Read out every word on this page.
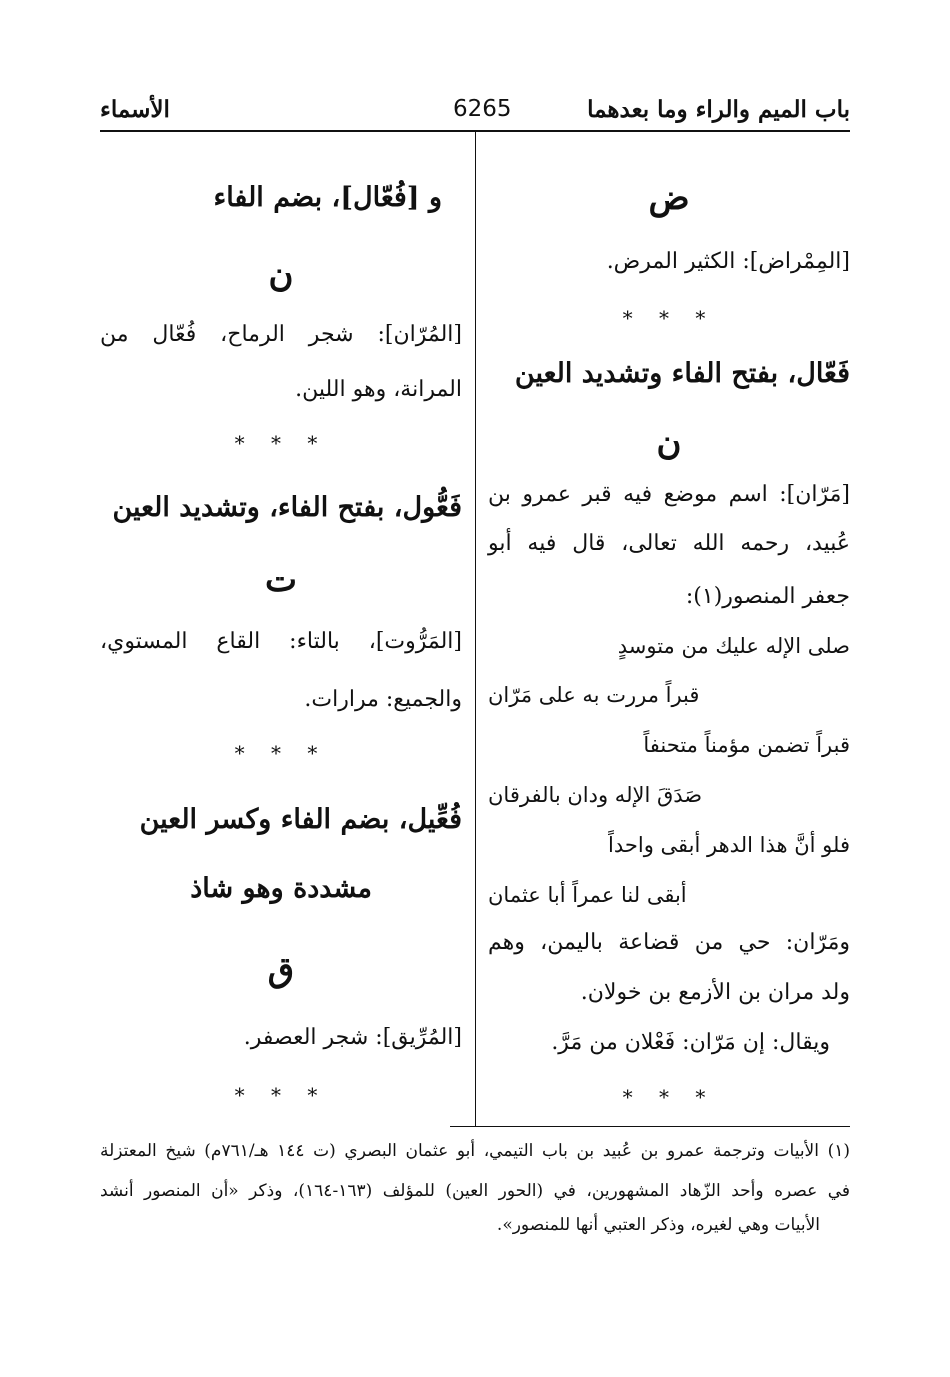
باب الميم والراء وما بعدهما
6265
الأسماء
ض
[المِمْراض]: الكثير المرض.
* * *
فَعّال، بفتح الفاء وتشديد العين
ن
[مَرّان]: اسم موضع فيه قبر عمرو بن
عُبيد، رحمه الله تعالى، قال فيه أبو
جعفر المنصور(١):
صلى الإله عليك من متوسدٍ
قبراً مررت به على مَرّان
قبراً تضمن مؤمناً متحنفاً
صَدَقَ الإله ودان بالفرقان
فلو أنَّ هذا الدهر أبقى واحداً
أبقى لنا عمراً أبا عثمان
ومَرّان: حي من قضاعة باليمن، وهم
ولد مران بن الأزمع بن خولان.
ويقال: إن مَرّان: فَعْلان من مَرَّ.
* * *
و [فُعّال]، بضم الفاء
ن
[المُرّان]: شجر الرماح، فُعّال من
المرانة، وهو اللين.
* * *
فَعُّول، بفتح الفاء، وتشديد العين
ت
[المَرُّوت]، بالتاء: القاع المستوي،
والجميع: مرارات.
* * *
فُعِّيل، بضم الفاء وكسر العين
مشددة وهو شاذ
ق
[المُرِّيق]: شجر العصفر.
* * *
(١) الأبيات وترجمة عمرو بن عُبيد بن باب التيمي، أبو عثمان البصري (ت ١٤٤ هـ/٧٦١م) شيخ المعتزلة
في عصره وأحد الزّهاد المشهورين، في (الحور العين) للمؤلف (١٦٣-١٦٤)، وذكر «أن المنصور أنشد
الأبيات وهي لغيره، وذكر العتبي أنها للمنصور».
